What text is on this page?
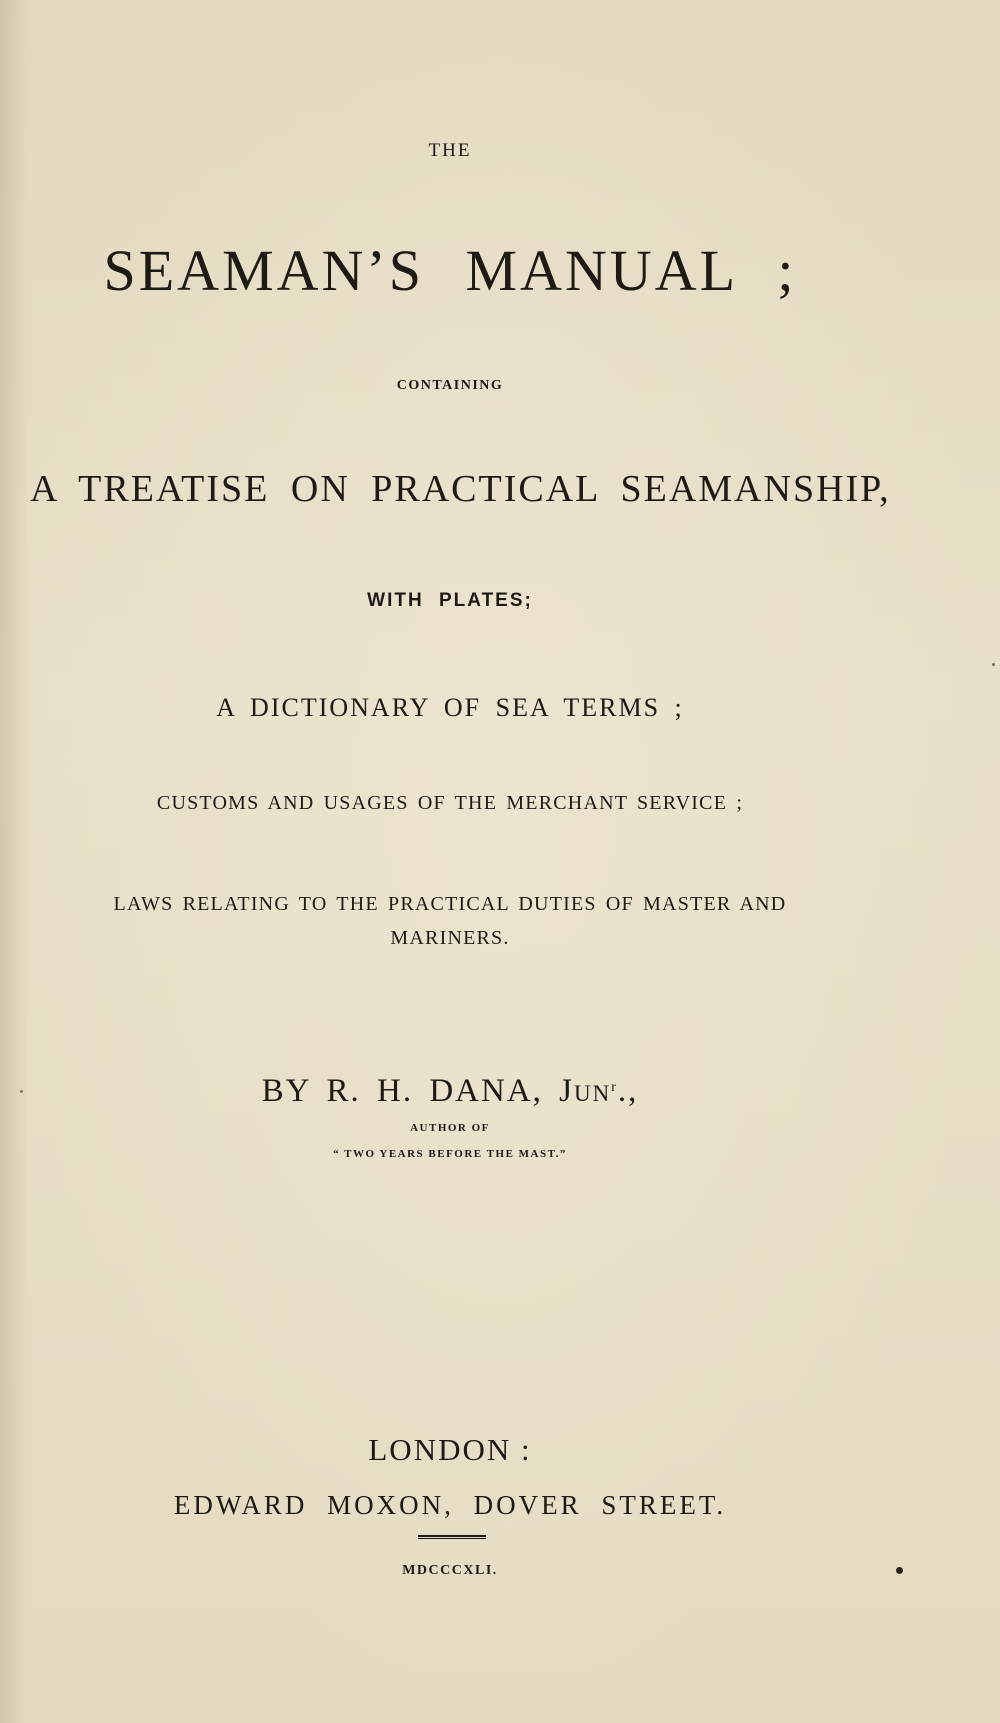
THE

SEAMAN’S MANUAL ;

CONTAINING

A TREATISE ON PRACTICAL SEAMANSHIP,

WITH PLATES;

A DICTIONARY OF SEA TERMS ;

CUSTOMS AND USAGES OF THE MERCHANT SERVICE ;

LAWS RELATING TO THE PRACTICAL DUTIES OF MASTER AND

MARINERS.

BY R. H. DANA, Jun$^r$.,

AUTHOR OF

“ TWO YEARS BEFORE THE MAST.”

LONDON :

EDWARD MOXON, DOVER STREET.

MDCCCXLI.
